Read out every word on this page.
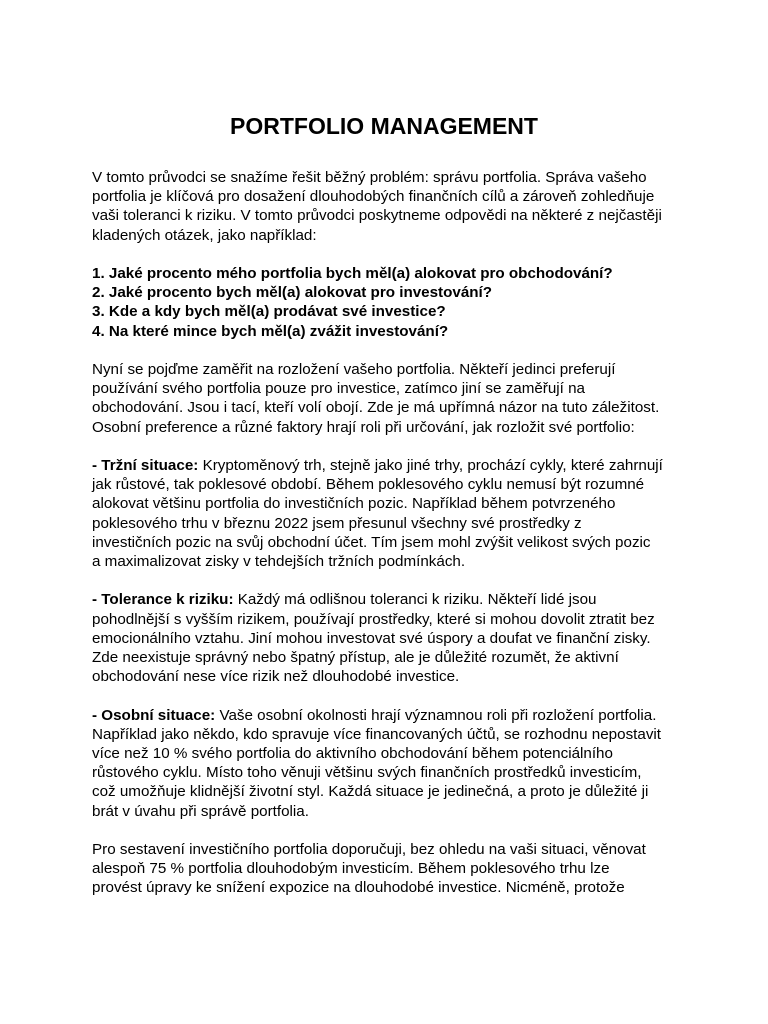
PORTFOLIO MANAGEMENT

V tomto průvodci se snažíme řešit běžný problém: správu portfolia. Správa vašeho
portfolia je klíčová pro dosažení dlouhodobých finančních cílů a zároveň zohledňuje
vaši toleranci k riziku. V tomto průvodci poskytneme odpovědi na některé z nejčastěji
kladených otázek, jako například:

1. Jaké procento mého portfolia bych měl(a) alokovat pro obchodování?
2. Jaké procento bych měl(a) alokovat pro investování?
3. Kde a kdy bych měl(a) prodávat své investice?
4. Na které mince bych měl(a) zvážit investování?

Nyní se pojďme zaměřit na rozložení vašeho portfolia. Někteří jedinci preferují
používání svého portfolia pouze pro investice, zatímco jiní se zaměřují na
obchodování. Jsou i tací, kteří volí obojí. Zde je má upřímná názor na tuto záležitost.
Osobní preference a různé faktory hrají roli při určování, jak rozložit své portfolio:

- Tržní situace: Kryptoměnový trh, stejně jako jiné trhy, prochází cykly, které zahrnují
jak růstové, tak poklesové období. Během poklesového cyklu nemusí být rozumné
alokovat většinu portfolia do investičních pozic. Například během potvrzeného
poklesového trhu v březnu 2022 jsem přesunul všechny své prostředky z
investičních pozic na svůj obchodní účet. Tím jsem mohl zvýšit velikost svých pozic
a maximalizovat zisky v tehdejších tržních podmínkách.

- Tolerance k riziku: Každý má odlišnou toleranci k riziku. Někteří lidé jsou
pohodlnější s vyšším rizikem, používají prostředky, které si mohou dovolit ztratit bez
emocionálního vztahu. Jiní mohou investovat své úspory a doufat ve finanční zisky.
Zde neexistuje správný nebo špatný přístup, ale je důležité rozumět, že aktivní
obchodování nese více rizik než dlouhodobé investice.

- Osobní situace: Vaše osobní okolnosti hrají významnou roli při rozložení portfolia.
Například jako někdo, kdo spravuje více financovaných účtů, se rozhodnu nepostavit
více než 10 % svého portfolia do aktivního obchodování během potenciálního
růstového cyklu. Místo toho věnuji většinu svých finančních prostředků investicím,
což umožňuje klidnější životní styl. Každá situace je jedinečná, a proto je důležité ji
brát v úvahu při správě portfolia.

Pro sestavení investičního portfolia doporučuji, bez ohledu na vaši situaci, věnovat
alespoň 75 % portfolia dlouhodobým investicím. Během poklesového trhu lze
provést úpravy ke snížení expozice na dlouhodobé investice. Nicméně, protože
